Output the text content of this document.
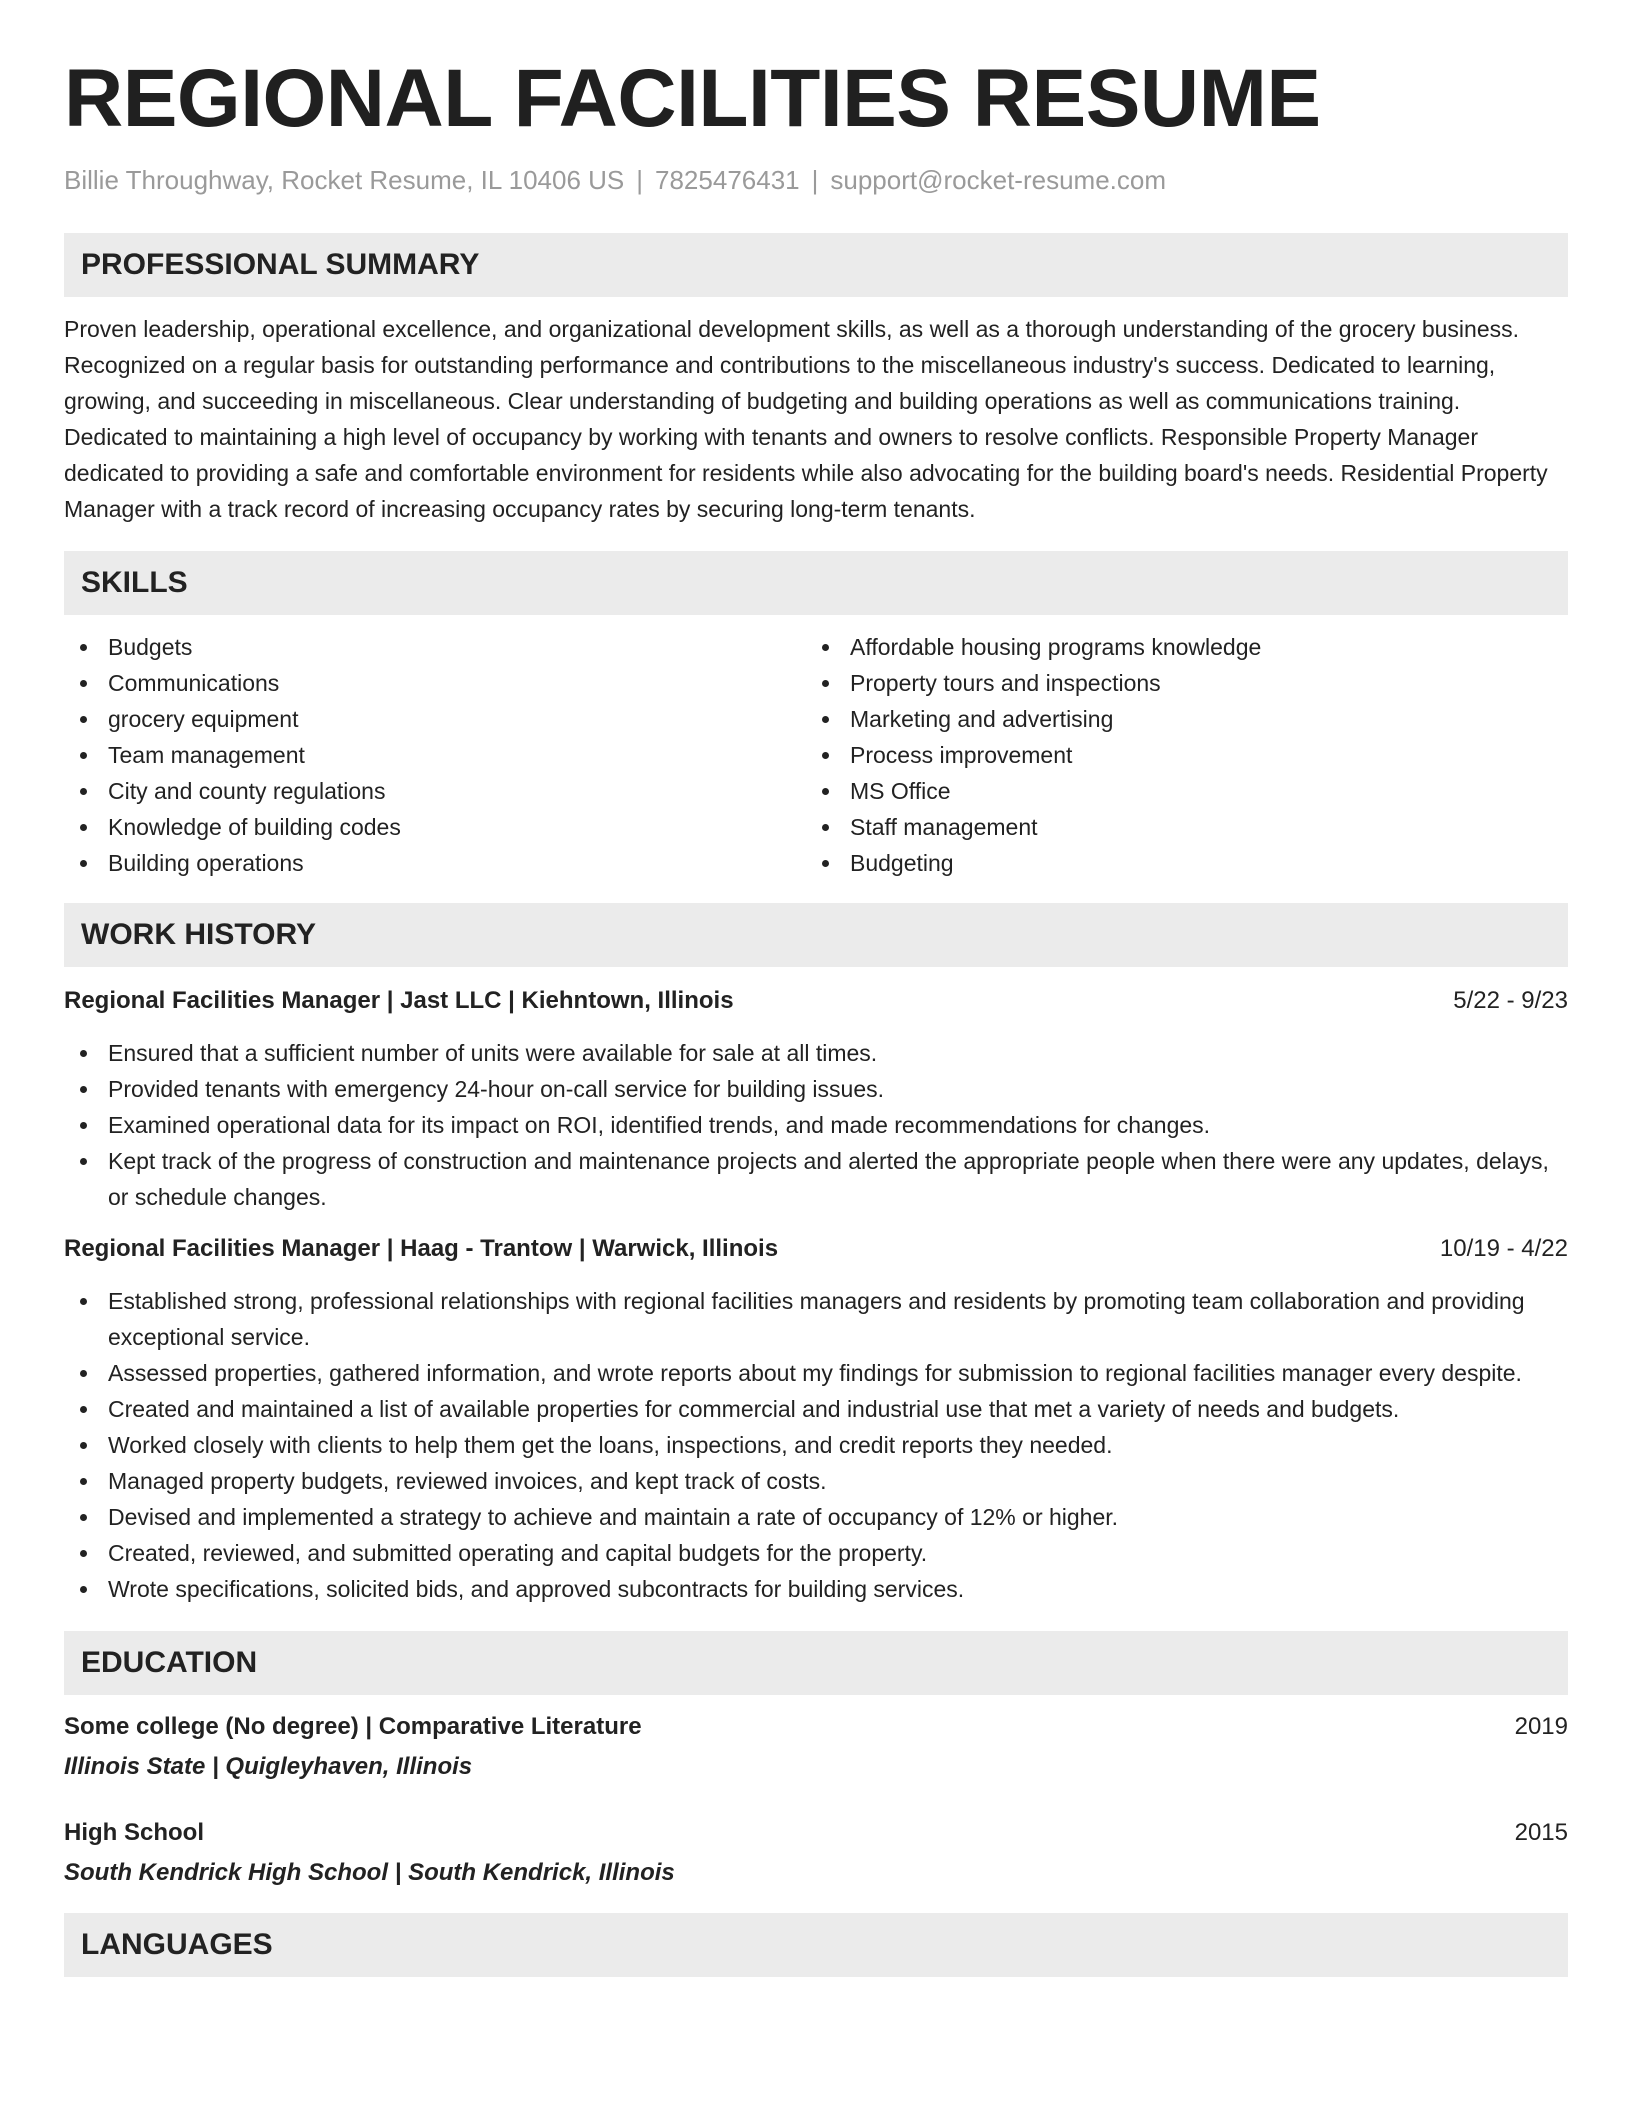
REGIONAL FACILITIES RESUME
Billie Throughway, Rocket Resume, IL 10406 US | 7825476431 | support@rocket-resume.com
PROFESSIONAL SUMMARY
Proven leadership, operational excellence, and organizational development skills, as well as a thorough understanding of the grocery business. Recognized on a regular basis for outstanding performance and contributions to the miscellaneous industry's success. Dedicated to learning, growing, and succeeding in miscellaneous. Clear understanding of budgeting and building operations as well as communications training. Dedicated to maintaining a high level of occupancy by working with tenants and owners to resolve conflicts. Responsible Property Manager dedicated to providing a safe and comfortable environment for residents while also advocating for the building board's needs. Residential Property Manager with a track record of increasing occupancy rates by securing long-term tenants.
SKILLS
Budgets
Communications
grocery equipment
Team management
City and county regulations
Knowledge of building codes
Building operations
Affordable housing programs knowledge
Property tours and inspections
Marketing and advertising
Process improvement
MS Office
Staff management
Budgeting
WORK HISTORY
Regional Facilities Manager | Jast LLC | Kiehntown, Illinois	5/22 - 9/23
Ensured that a sufficient number of units were available for sale at all times.
Provided tenants with emergency 24-hour on-call service for building issues.
Examined operational data for its impact on ROI, identified trends, and made recommendations for changes.
Kept track of the progress of construction and maintenance projects and alerted the appropriate people when there were any updates, delays, or schedule changes.
Regional Facilities Manager | Haag - Trantow | Warwick, Illinois	10/19 - 4/22
Established strong, professional relationships with regional facilities managers and residents by promoting team collaboration and providing exceptional service.
Assessed properties, gathered information, and wrote reports about my findings for submission to regional facilities manager every despite.
Created and maintained a list of available properties for commercial and industrial use that met a variety of needs and budgets.
Worked closely with clients to help them get the loans, inspections, and credit reports they needed.
Managed property budgets, reviewed invoices, and kept track of costs.
Devised and implemented a strategy to achieve and maintain a rate of occupancy of 12% or higher.
Created, reviewed, and submitted operating and capital budgets for the property.
Wrote specifications, solicited bids, and approved subcontracts for building services.
EDUCATION
Some college (No degree) | Comparative Literature	2019
Illinois State | Quigleyhaven, Illinois
High School	2015
South Kendrick High School | South Kendrick, Illinois
LANGUAGES
